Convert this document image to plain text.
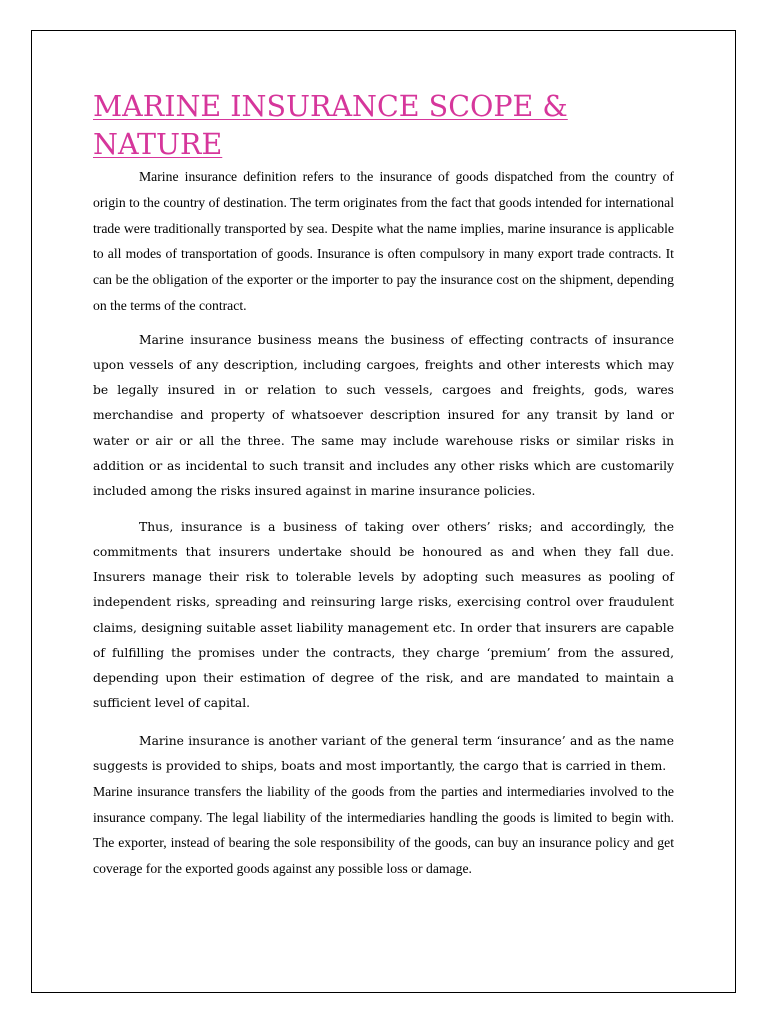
MARINE INSURANCE SCOPE & NATURE

Marine insurance definition refers to the insurance of goods dispatched from the country of origin to the country of destination. The term originates from the fact that goods intended for international trade were traditionally transported by sea. Despite what the name implies, marine insurance is applicable to all modes of transportation of goods. Insurance is often compulsory in many export trade contracts. It can be the obligation of the exporter or the importer to pay the insurance cost on the shipment, depending on the terms of the contract.

Marine insurance business means the business of effecting contracts of insurance upon vessels of any description, including cargoes, freights and other interests which may be legally insured in or relation to such vessels, cargoes and freights, gods, wares merchandise and property of whatsoever description insured for any transit by land or water or air or all the three. The same may include warehouse risks or similar risks in addition or as incidental to such transit and includes any other risks which are customarily included among the risks insured against in marine insurance policies.

Thus, insurance is a business of taking over others’ risks; and accordingly, the commitments that insurers undertake should be honoured as and when they fall due. Insurers manage their risk to tolerable levels by adopting such measures as pooling of independent risks, spreading and reinsuring large risks, exercising control over fraudulent claims, designing suitable asset liability management etc. In order that insurers are capable of fulfilling the promises under the contracts, they charge ‘premium’ from the assured, depending upon their estimation of degree of the risk, and are mandated to maintain a sufficient level of capital.

Marine insurance is another variant of the general term ‘insurance’ and as the name suggests is provided to ships, boats and most importantly, the cargo that is carried in them.

Marine insurance transfers the liability of the goods from the parties and intermediaries involved to the insurance company. The legal liability of the intermediaries handling the goods is limited to begin with. The exporter, instead of bearing the sole responsibility of the goods, can buy an insurance policy and get coverage for the exported goods against any possible loss or damage.
